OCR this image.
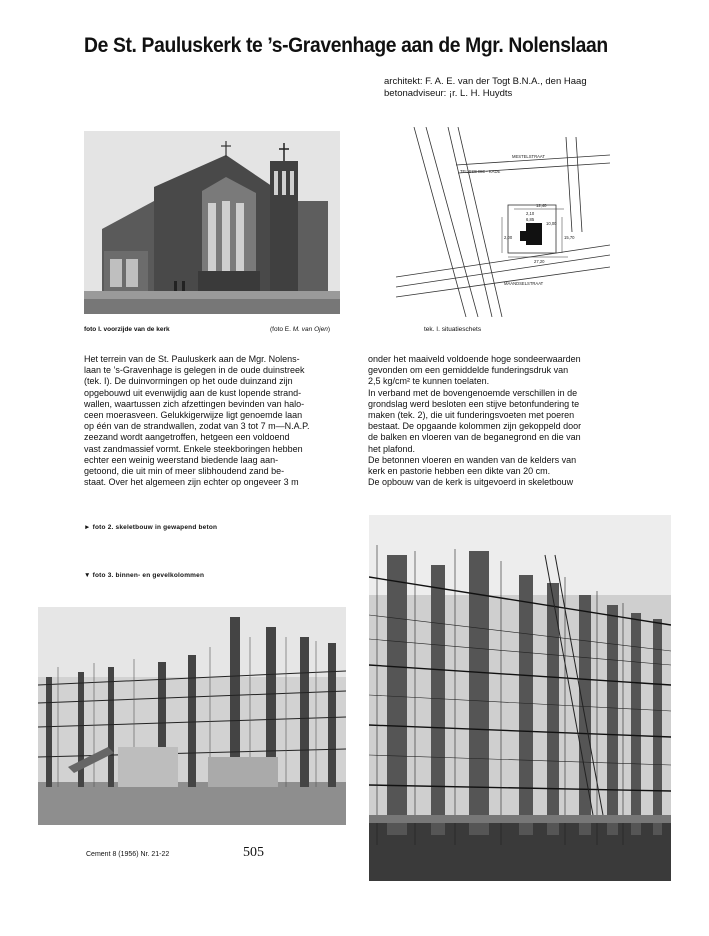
De St. Pauluskerk te ’s-Gravenhage aan de Mgr. Nolenslaan
architekt: F. A. E. van der Togt B.N.A., den Haag
betonadviseur: ¡r. L. H. Huydts
MESTELSTRAAT
TEIJSSE DIE - KADE
MAANDSELSTRAAT
12,40
2,10
6,85
2,00
10,00
15,70
27,20
foto I. voorzijde van de kerk	(foto E. M. van Ojen)	tek. I. situatieschets

Het terrein van de St. Pauluskerk aan de Mgr. Nolens-

laan te ’s-Gravenhage is gelegen in de oude duinstreek

(tek. I). De duinvormingen op het oude duinzand zijn

opgebouwd uit evenwijdig aan de kust lopende strand-

wallen, waartussen zich afzettingen bevinden van halo-

ceen moerasveen. Gelukkigerwijze ligt genoemde laan

op één van de strandwallen, zodat van 3 tot 7 m—N.A.P.

zeezand wordt aangetroffen, hetgeen een voldoend

vast zandmassief vormt. Enkele steekboringen hebben

echter een weinig weerstand biedende laag aan-

getoond, die uit min of meer slibhoudend zand be-

staat. Over het algemeen zijn echter op ongeveer 3 m

onder het maaiveld voldoende hoge sondeerwaarden

gevonden om een gemiddelde funderingsdruk van

2,5 kg/cm² te kunnen toelaten.

In verband met de bovengenoemde verschillen in de

grondslag werd besloten een stijve betonfundering te

maken (tek. 2), die uit funderingsvoeten met poeren

bestaat. De opgaande kolommen zijn gekoppeld door

de balken en vloeren van de beganegrond en die van

het plafond.

De betonnen vloeren en wanden van de kelders van

kerk en pastorie hebben een dikte van 20 cm.

De opbouw van de kerk is uitgevoerd in skeletbouw

► foto 2. skeletbouw in gewapend beton
▼ foto 3. binnen- en gevelkolommen
Cement 8 (1956) Nr. 21-22	505
